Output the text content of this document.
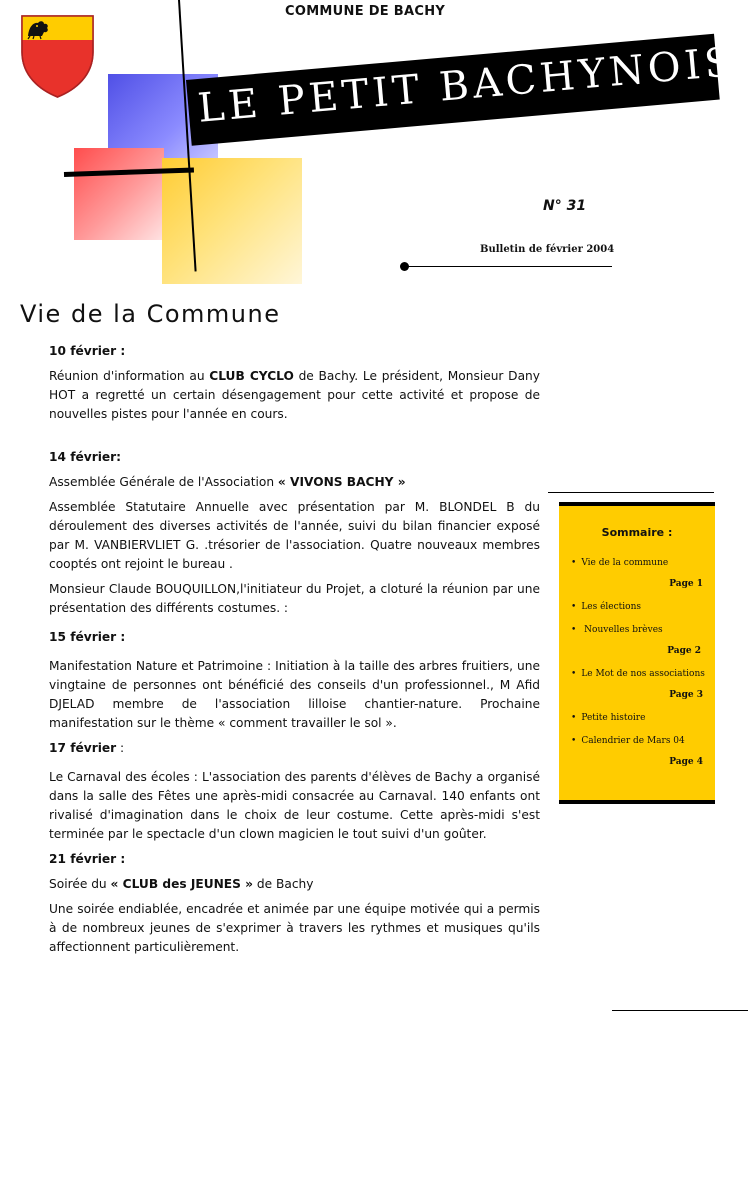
COMMUNE DE BACHY
LE PETIT BACHYNOIS
N° 31
Bulletin de février 2004
Vie de la Commune

10 février :

Réunion d'information au CLUB CYCLO de Bachy. Le président, Monsieur Dany HOT a regretté un certain désengagement pour cette activité et propose de nouvelles pistes pour l'année en cours.

14 février:

Assemblée Générale de l'Association « VIVONS BACHY »

Assemblée Statutaire Annuelle avec présentation par M. BLONDEL B du déroulement des diverses activités de l'année, suivi du bilan financier exposé par M. VANBIERVLIET G. .trésorier de l'association. Quatre nouveaux membres cooptés ont rejoint le bureau .

Monsieur Claude BOUQUILLON,l'initiateur du Projet, a cloturé la réunion par une présentation des différents costumes. :

15 février :

Manifestation Nature et Patrimoine : Initiation à la taille des arbres fruitiers, une vingtaine de personnes ont bénéficié des conseils d'un professionnel., M Afid DJELAD membre de l'association lilloise chantier-nature. Prochaine manifestation sur le thème « comment travailler le sol ».

17 février :

Le Carnaval des écoles : L'association des parents d'élèves de Bachy a organisé dans la salle des Fêtes une après-midi consacrée au Carnaval. 140 enfants ont rivalisé d'imagination dans le choix de leur costume. Cette après-midi s'est terminée par le spectacle d'un clown magicien le tout suivi d'un goûter.

21 février :

Soirée du « CLUB des JEUNES » de Bachy

Une soirée endiablée, encadrée et animée par une équipe motivée qui a permis à de nombreux jeunes de s'exprimer à travers les rythmes et musiques qu'ils affectionnent particulièrement.

Sommaire :
• Vie de la commune
Page 1
• Les élections
• Nouvelles brèves
Page 2
• Le Mot de nos associations
Page 3
• Petite histoire
• Calendrier de Mars 04
Page 4
